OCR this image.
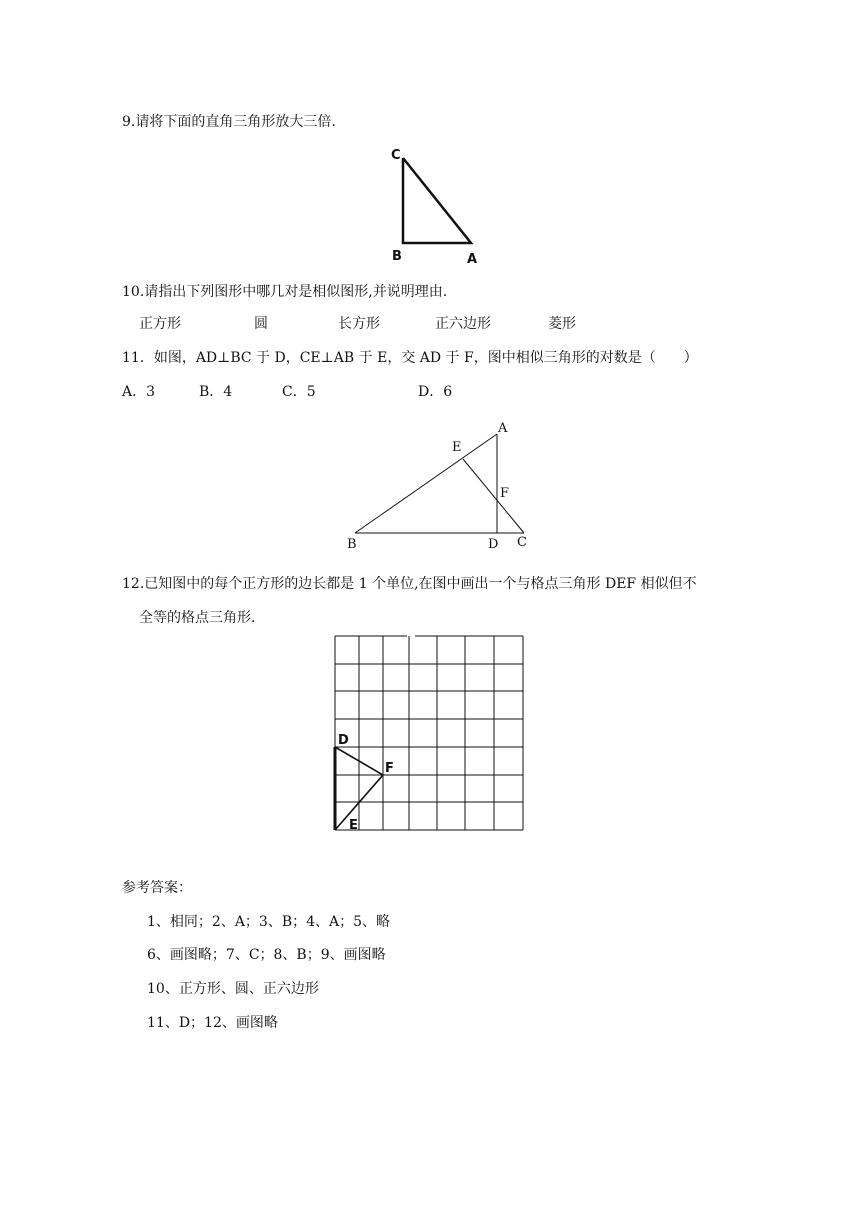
9.请将下面的直角三角形放大三倍.
C
B	A
10.请指出下列图形中哪几对是相似图形,并说明理由.
正方形	圆	长方形	正六边形	菱形
11．如图，AD⊥BC 于 D，CE⊥AB 于 E，交 AD 于 F，图中相似三角形的对数是（　　）
A．3	B．4	C．5	D．6
A
E
F
B	D C
12.已知图中的每个正方形的边长都是 1 个单位,在图中画出一个与格点三角形 DEF 相似但不
全等的格点三角形.
D
F
E
参考答案：
1、相同；2、A；3、B；4、A；5、略
6、画图略；7、C；8、B；9、画图略
10、正方形、圆、正六边形
11、D；12、画图略
